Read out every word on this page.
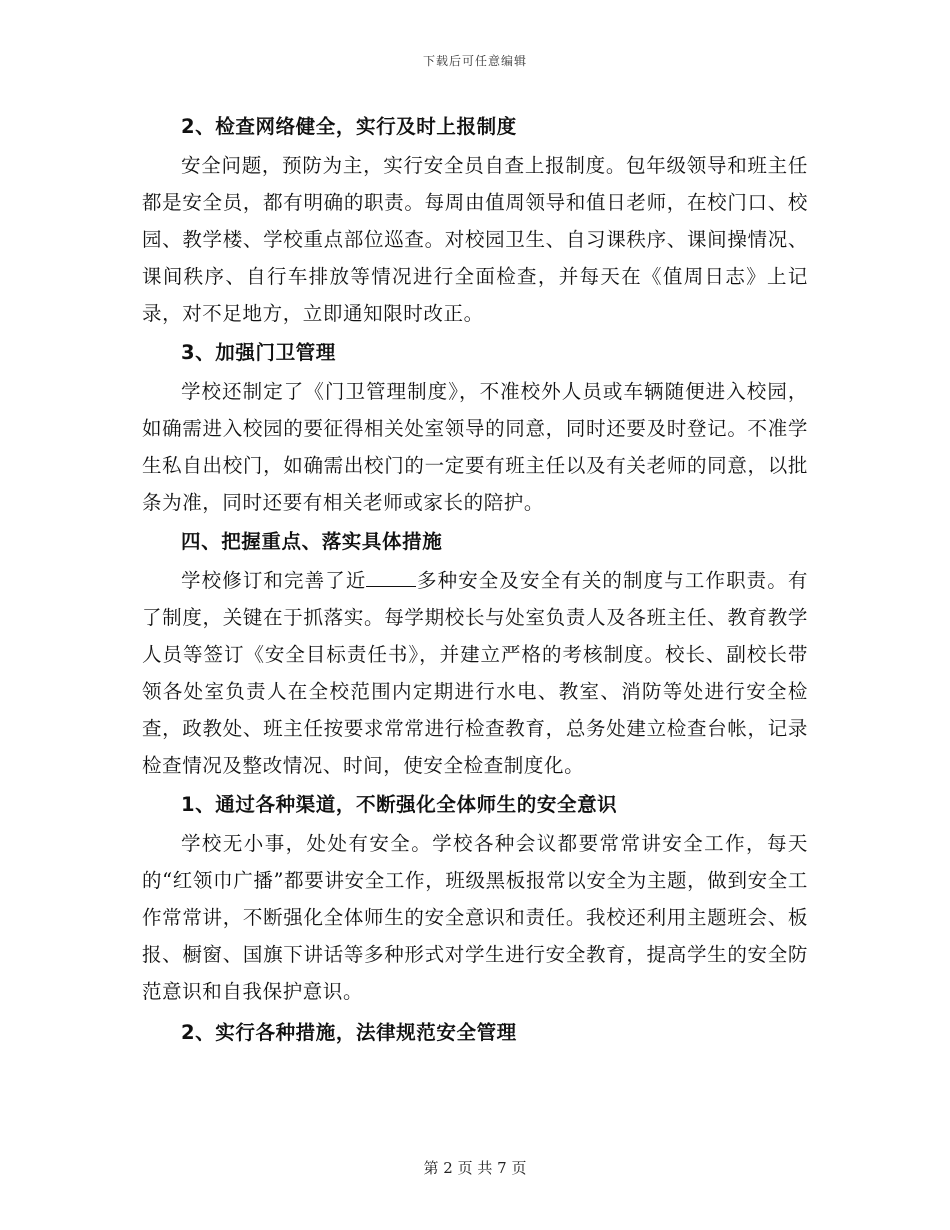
下载后可任意编辑
2、检查网络健全，实行及时上报制度
安全问题，预防为主，实行安全员自查上报制度。包年级领导和班主任都是安全员，都有明确的职责。每周由值周领导和值日老师，在校门口、校园、教学楼、学校重点部位巡查。对校园卫生、自习课秩序、课间操情况、课间秩序、自行车排放等情况进行全面检查，并每天在《值周日志》上记录，对不足地方，立即通知限时改正。
3、加强门卫管理
学校还制定了《门卫管理制度》，不准校外人员或车辆随便进入校园，如确需进入校园的要征得相关处室领导的同意，同时还要及时登记。不准学生私自出校门，如确需出校门的一定要有班主任以及有关老师的同意，以批条为准，同时还要有相关老师或家长的陪护。
四、把握重点、落实具体措施
学校修订和完善了近	多种安全及安全有关的制度与工作职责。有了制度，关键在于抓落实。每学期校长与处室负责人及各班主任、教育教学人员等签订《安全目标责任书》，并建立严格的考核制度。校长、副校长带领各处室负责人在全校范围内定期进行水电、教室、消防等处进行安全检查，政教处、班主任按要求常常进行检查教育，总务处建立检查台帐，记录检查情况及整改情况、时间，使安全检查制度化。
1、通过各种渠道，不断强化全体师生的安全意识
学校无小事，处处有安全。学校各种会议都要常常讲安全工作，每天的“红领巾广播”都要讲安全工作，班级黑板报常以安全为主题，做到安全工作常常讲，不断强化全体师生的安全意识和责任。我校还利用主题班会、板报、橱窗、国旗下讲话等多种形式对学生进行安全教育，提高学生的安全防范意识和自我保护意识。
2、实行各种措施，法律规范安全管理
第 2 页 共 7 页
